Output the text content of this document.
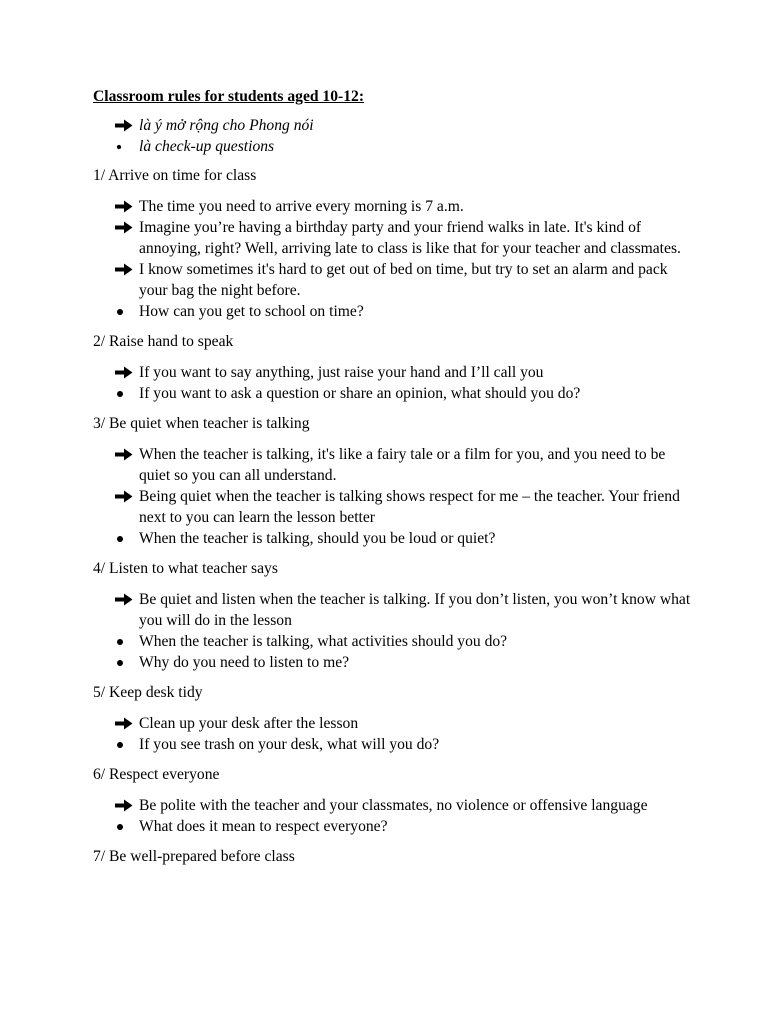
Classroom rules for students aged 10-12:
là ý mở rộng cho Phong nói
là check-up questions
1/ Arrive on time for class
The time you need to arrive every morning is 7 a.m.
Imagine you’re having a birthday party and your friend walks in late. It's kind of annoying, right? Well, arriving late to class is like that for your teacher and classmates.
I know sometimes it's hard to get out of bed on time, but try to set an alarm and pack your bag the night before.
How can you get to school on time?
2/ Raise hand to speak
If you want to say anything, just raise your hand and I’ll call you
If you want to ask a question or share an opinion, what should you do?
3/ Be quiet when teacher is talking
When the teacher is talking, it's like a fairy tale or a film for you, and you need to be quiet so you can all understand.
Being quiet when the teacher is talking shows respect for me – the teacher. Your friend next to you can learn the lesson better
When the teacher is talking, should you be loud or quiet?
4/ Listen to what teacher says
Be quiet and listen when the teacher is talking. If you don’t listen, you won’t know what you will do in the lesson
When the teacher is talking, what activities should you do?
Why do you need to listen to me?
5/ Keep desk tidy
Clean up your desk after the lesson
If you see trash on your desk, what will you do?
6/ Respect everyone
Be polite with the teacher and your classmates, no violence or offensive language
What does it mean to respect everyone?
7/ Be well-prepared before class
